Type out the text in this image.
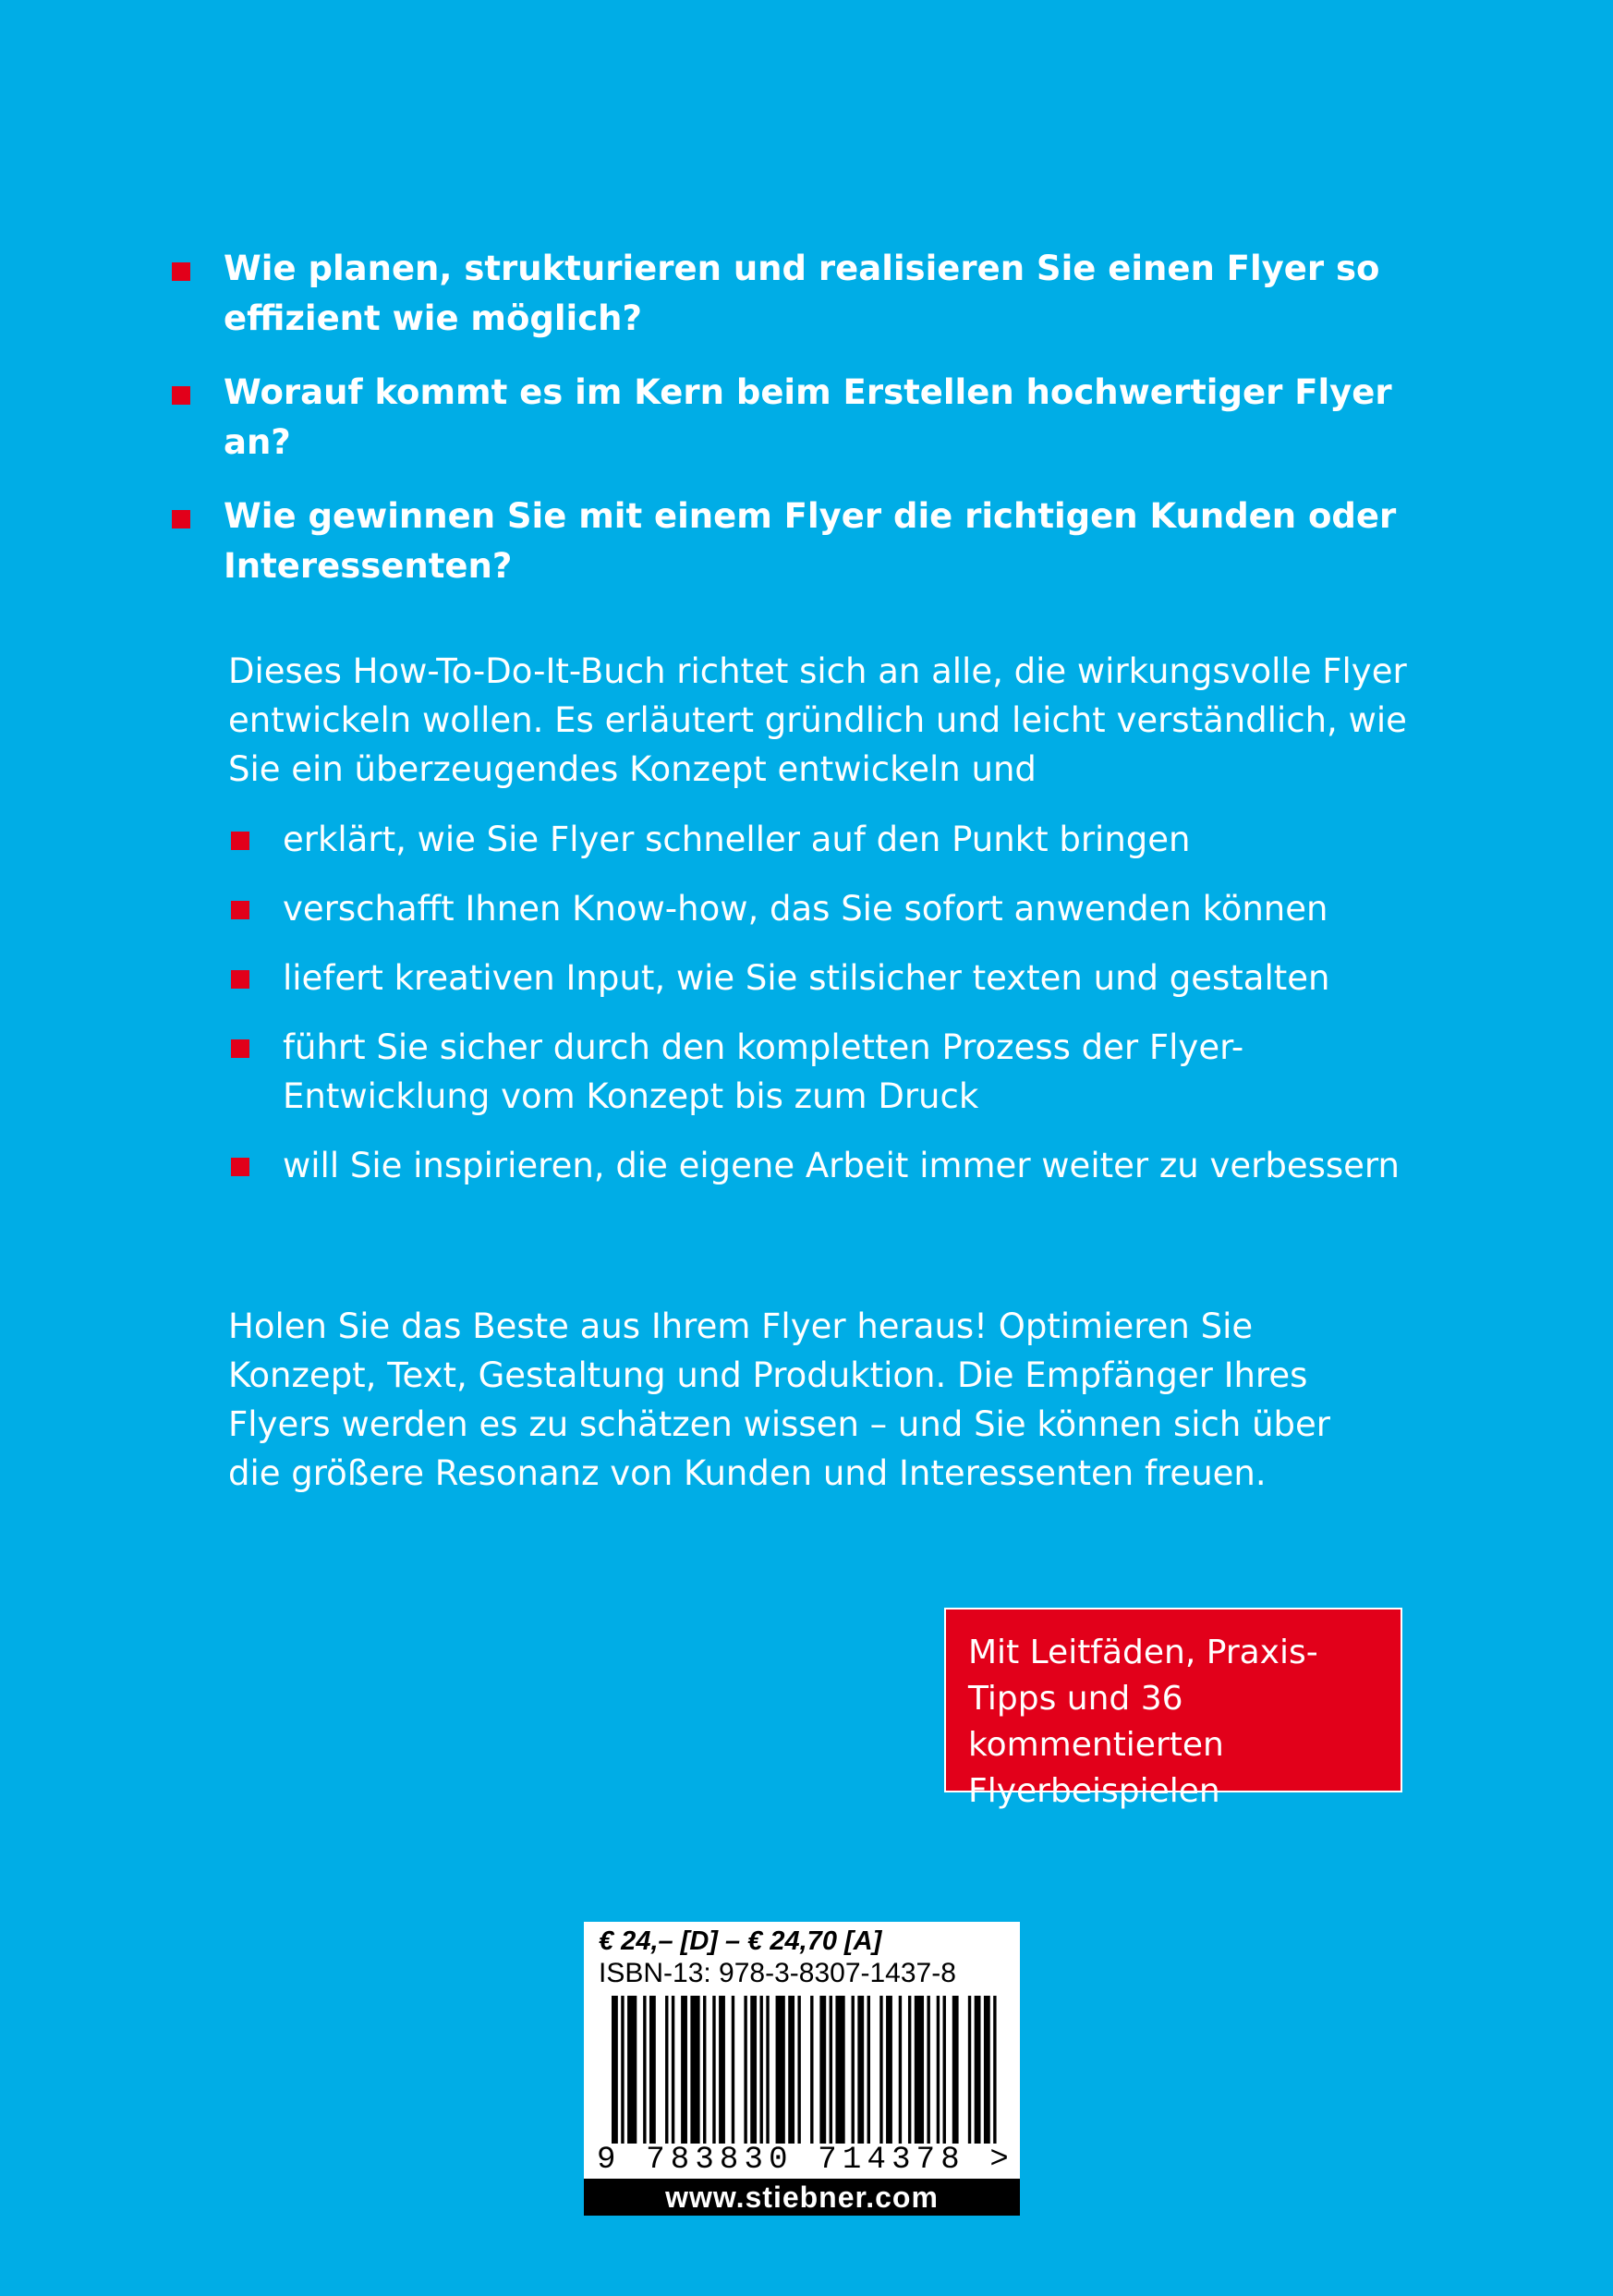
Wie planen, strukturieren und realisieren Sie einen Flyer so effizient wie möglich?
Worauf kommt es im Kern beim Erstellen hochwertiger Flyer an?
Wie gewinnen Sie mit einem Flyer die richtigen Kunden oder Interessenten?

Dieses How-To-Do-It-Buch richtet sich an alle, die wirkungsvolle Flyer entwickeln wollen. Es erläutert gründlich und leicht verständlich, wie Sie ein überzeugendes Konzept entwickeln und

erklärt, wie Sie Flyer schneller auf den Punkt bringen
verschafft Ihnen Know-how, das Sie sofort anwenden können
liefert kreativen Input, wie Sie stilsicher texten und gestalten
führt Sie sicher durch den kompletten Prozess der Flyer-Entwicklung vom Konzept bis zum Druck
will Sie inspirieren, die eigene Arbeit immer weiter zu verbessern

Holen Sie das Beste aus Ihrem Flyer heraus! Optimieren Sie Konzept, Text, Gestaltung und Produktion. Die Empfänger Ihres Flyers werden es zu schätzen wissen – und Sie können sich über die größere Resonanz von Kunden und Interessenten freuen.

Mit Leitfäden, Praxis-Tipps und 36 kommentierten Flyerbeispielen
€ 24,– [D] – € 24,70 [A]
ISBN-13: 978-3-8307-1437-8
9 7 8 3 8 3 0 7 1 4 3 7 8 >
www.stiebner.com
